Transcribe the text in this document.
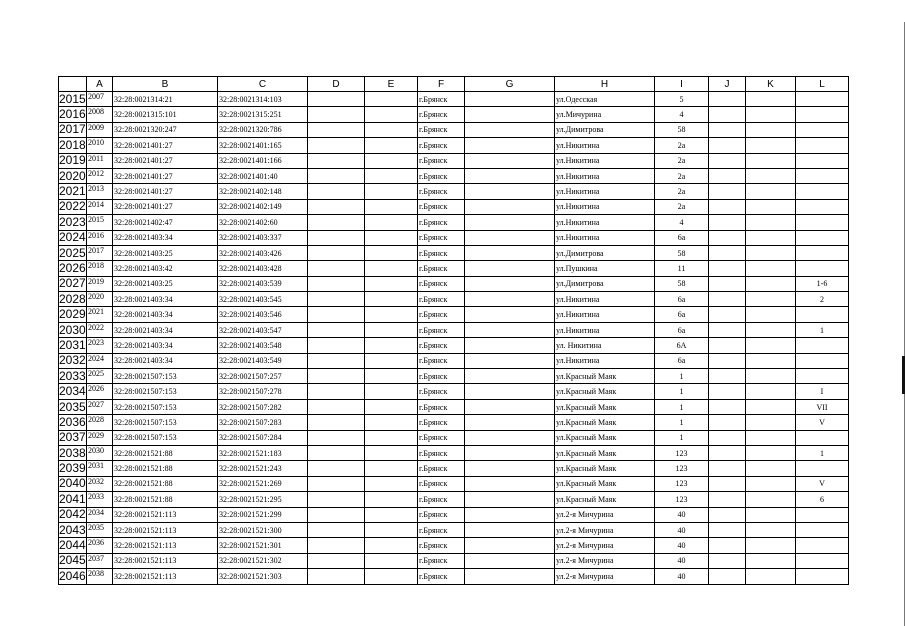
	A	B	C	D	E	F	G	H	I	J	K	L
2015	2007	32:28:0021314:21	32:28:0021314:103			г.Брянск		ул.Одесская	5			
2016	2008	32:28:0021315:101	32:28:0021315:251			г.Брянск		ул.Мичурина	4			
2017	2009	32:28:0021320:247	32:28:0021320:786			г.Брянск		ул.Димитрова	58			
2018	2010	32:28:0021401:27	32:28:0021401:165			г.Брянск		ул.Никитина	2а			
2019	2011	32:28:0021401:27	32:28:0021401:166			г.Брянск		ул.Никитина	2а			
2020	2012	32:28:0021401:27	32:28:0021401:40			г.Брянск		ул.Никитина	2а			
2021	2013	32:28:0021401:27	32:28:0021402:148			г.Брянск		ул.Никитина	2а			
2022	2014	32:28:0021401:27	32:28:0021402:149			г.Брянск		ул.Никитина	2а			
2023	2015	32:28:0021402:47	32:28:0021402:60			г.Брянск		ул.Никитина	4			
2024	2016	32:28:0021403:34	32:28:0021403:337			г.Брянск		ул.Никитина	6а			
2025	2017	32:28:0021403:25	32:28:0021403:426			г.Брянск		ул.Димитрова	58			
2026	2018	32:28:0021403:42	32:28:0021403:428			г.Брянск		ул.Пушкина	11			
2027	2019	32:28:0021403:25	32:28:0021403:539			г.Брянск		ул.Димитрова	58			1-6
2028	2020	32:28:0021403:34	32:28:0021403:545			г.Брянск		ул.Никитина	6а			2
2029	2021	32:28:0021403:34	32:28:0021403:546			г.Брянск		ул.Никитина	6а			
2030	2022	32:28:0021403:34	32:28:0021403:547			г.Брянск		ул.Никитина	6а			1
2031	2023	32:28:0021403:34	32:28:0021403:548			г.Брянск		ул. Никитина	6А			
2032	2024	32:28:0021403:34	32:28:0021403:549			г.Брянск		ул.Никитина	6а			
2033	2025	32:28:0021507:153	32:28:0021507:257			г.Брянск		ул.Красный Маяк	1			
2034	2026	32:28:0021507:153	32:28:0021507:278			г.Брянск		ул.Красный Маяк	1			I
2035	2027	32:28:0021507:153	32:28:0021507:282			г.Брянск		ул.Красный Маяк	1			VII
2036	2028	32:28:0021507:153	32:28:0021507:283			г.Брянск		ул.Красный Маяк	1			V
2037	2029	32:28:0021507:153	32:28:0021507:284			г.Брянск		ул.Красный Маяк	1			
2038	2030	32:28:0021521:88	32:28:0021521:183			г.Брянск		ул.Красный Маяк	123			1
2039	2031	32:28:0021521:88	32:28:0021521:243			г.Брянск		ул.Красный Маяк	123			
2040	2032	32:28:0021521:88	32:28:0021521:269			г.Брянск		ул.Красный Маяк	123			V
2041	2033	32:28:0021521:88	32:28:0021521:295			г.Брянск		ул.Красный Маяк	123			6
2042	2034	32:28:0021521:113	32:28:0021521:299			г.Брянск		ул.2-я Мичурина	40			
2043	2035	32:28:0021521:113	32:28:0021521:300			г.Брянск		ул.2-я Мичурина	40			
2044	2036	32:28:0021521:113	32:28:0021521:301			г.Брянск		ул.2-я Мичурина	40			
2045	2037	32:28:0021521:113	32:28:0021521:302			г.Брянск		ул.2-я Мичурина	40			
2046	2038	32:28:0021521:113	32:28:0021521:303			г.Брянск		ул.2-я Мичурина	40			
